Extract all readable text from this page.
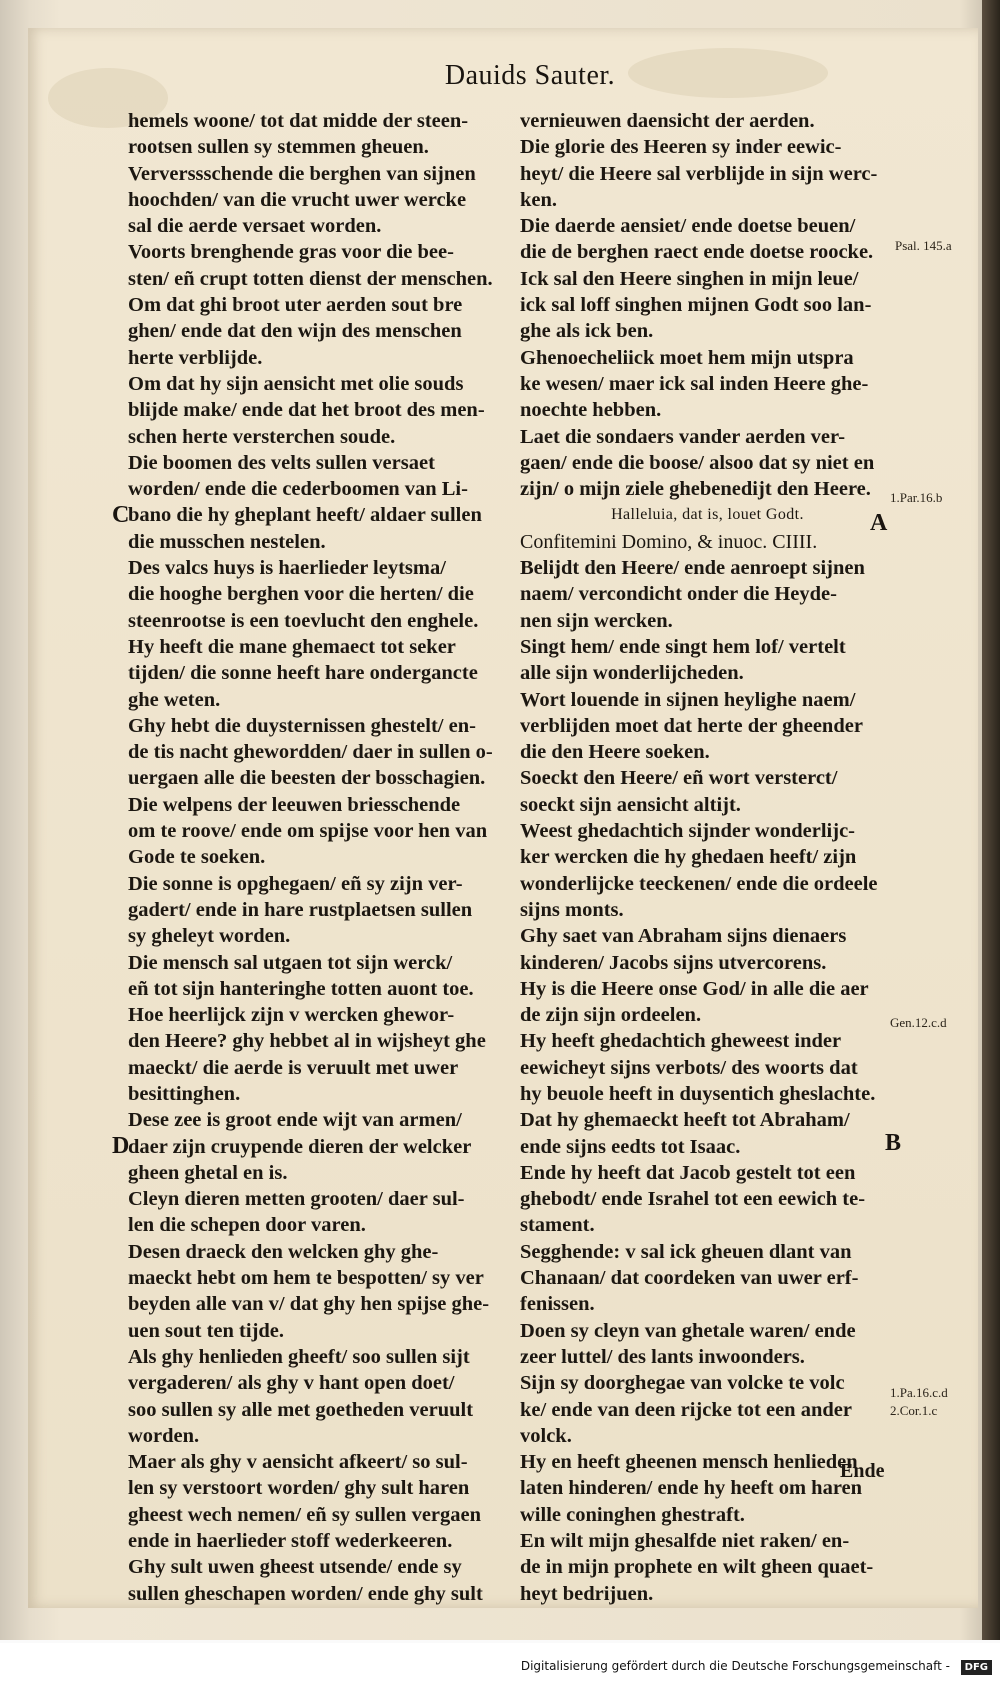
Dauids Sauter.
hemels woone/ tot dat midde der steen-
rootsen sullen sy stemmen gheuen.
Ververssschende die berghen van sijnen
hoochden/ van die vrucht uwer wercke
sal die aerde versaet worden.
Voorts brenghende gras voor die bee-
sten/ eñ crupt totten dienst der menschen.
Om dat ghi broot uter aerden sout bre
ghen/ ende dat den wijn des menschen
herte verblijde.
Om dat hy sijn aensicht met olie souds
blijde make/ ende dat het broot des men-
schen herte versterchen soude.
Die boomen des velts sullen versaet
worden/ ende die cederboomen van Li-
bano die hy gheplant heeft/ aldaer sullen
die musschen nestelen.
Des valcs huys is haerlieder leytsma/
die hooghe berghen voor die herten/ die
steenrootse is een toevlucht den enghele.
Hy heeft die mane ghemaect tot seker
tijden/ die sonne heeft hare ondergancte
ghe weten.
Ghy hebt die duysternissen ghestelt/ en-
de tis nacht ghewordden/ daer in sullen o-
uergaen alle die beesten der bosschagien.
Die welpens der leeuwen briesschende
om te roove/ ende om spijse voor hen van
Gode te soeken.
Die sonne is opghegaen/ eñ sy zijn ver-
gadert/ ende in hare rustplaetsen sullen
sy gheleyt worden.
Die mensch sal utgaen tot sijn werck/
eñ tot sijn hanteringhe totten auont toe.
Hoe heerlijck zijn v wercken ghewor-
den Heere? ghy hebbet al in wijsheyt ghe
maeckt/ die aerde is veruult met uwer
besittinghen.
Dese zee is groot ende wijt van armen/
daer zijn cruypende dieren der welcker
gheen ghetal en is.
Cleyn dieren metten grooten/ daer sul-
len die schepen door varen.
Desen draeck den welcken ghy ghe-
maeckt hebt om hem te bespotten/ sy ver
beyden alle van v/ dat ghy hen spijse ghe-
uen sout ten tijde.
Als ghy henlieden gheeft/ soo sullen sijt
vergaderen/ als ghy v hant open doet/
soo sullen sy alle met goetheden veruult
worden.
Maer als ghy v aensicht afkeert/ so sul-
len sy verstoort worden/ ghy sult haren
gheest wech nemen/ eñ sy sullen vergaen
ende in haerlieder stoff wederkeeren.
Ghy sult uwen gheest utsende/ ende sy
sullen gheschapen worden/ ende ghy sult
vernieuwen daensicht der aerden.
Die glorie des Heeren sy inder eewic-
heyt/ die Heere sal verblijde in sijn werc-
ken.
Die daerde aensiet/ ende doetse beuen/
die de berghen raect ende doetse roocke.
Ick sal den Heere singhen in mijn leue/
ick sal loff singhen mijnen Godt soo lan-
ghe als ick ben.
Ghenoecheliick moet hem mijn utspra
ke wesen/ maer ick sal inden Heere ghe-
noechte hebben.
Laet die sondaers vander aerden ver-
gaen/ ende die boose/ alsoo dat sy niet en
zijn/ o mijn ziele ghebenedijt den Heere.
Halleluia, dat is, louet Godt.
Confitemini Domino, & inuoc. CIIII.
Belijdt den Heere/ ende aenroept sijnen
naem/ vercondicht onder die Heyde-
nen sijn wercken.
Singt hem/ ende singt hem lof/ vertelt
alle sijn wonderlijcheden.
Wort louende in sijnen heylighe naem/
verblijden moet dat herte der gheender
die den Heere soeken.
Soeckt den Heere/ eñ wort versterct/
soeckt sijn aensicht altijt.
Weest ghedachtich sijnder wonderlijc-
ker wercken die hy ghedaen heeft/ zijn
wonderlijcke teeckenen/ ende die ordeele
sijns monts.
Ghy saet van Abraham sijns dienaers
kinderen/ Jacobs sijns utvercorens.
Hy is die Heere onse God/ in alle die aer
de zijn sijn ordeelen.
Hy heeft ghedachtich gheweest inder
eewicheyt sijns verbots/ des woorts dat
hy beuole heeft in duysentich gheslachte.
Dat hy ghemaeckt heeft tot Abraham/
ende sijns eedts tot Isaac.
Ende hy heeft dat Jacob gestelt tot een
ghebodt/ ende Israhel tot een eewich te-
stament.
Segghende: v sal ick gheuen dlant van
Chanaan/ dat coordeken van uwer erf-
fenissen.
Doen sy cleyn van ghetale waren/ ende
zeer luttel/ des lants inwoonders.
Sijn sy doorghegae van volcke te volc
ke/ ende van deen rijcke tot een ander
volck.
Hy en heeft gheenen mensch henlieden
laten hinderen/ ende hy heeft om haren
wille coninghen ghestraft.
En wilt mijn ghesalfde niet raken/ en-
de in mijn prophete en wilt gheen quaet-
heyt bedrijuen.
Psal. 145.a
1.Par.16.b
Gen.12.c.d
1.Pa.16.c.d
2.Cor.1.c
C
D
A
B
Ende
Digitalisierung gefördert durch die Deutsche Forschungsgemeinschaft -	DFG
